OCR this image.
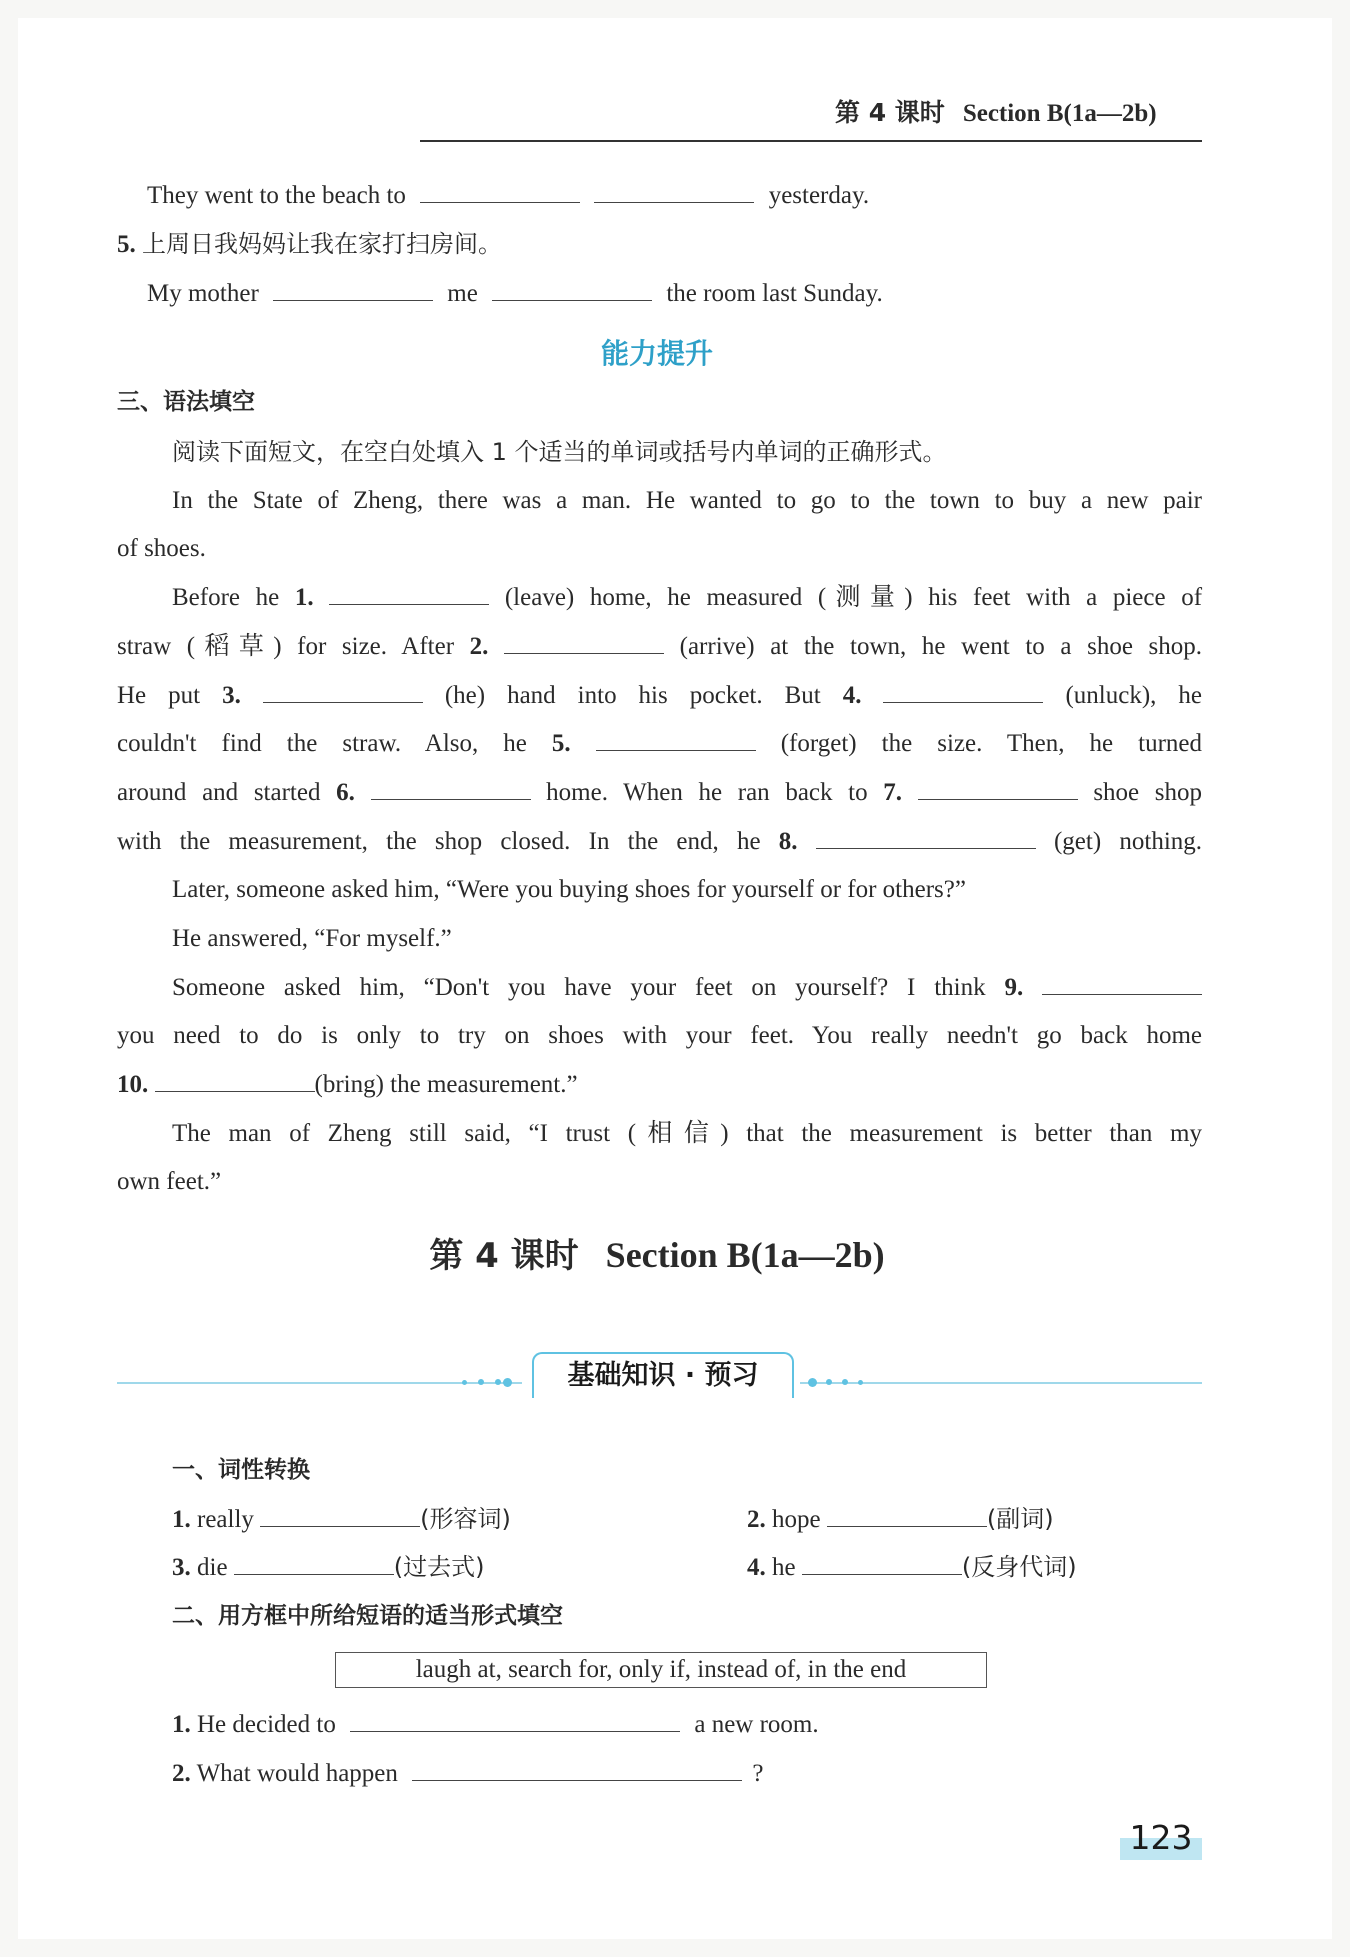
第 4 课时 Section B(1a—2b)
They went to the beach to	yesterday.
5. 上周日我妈妈让我在家打扫房间。
My mother	me	the room last Sunday.
能力提升
三、语法填空
阅读下面短文，在空白处填入 1 个适当的单词或括号内单词的正确形式。
In the State of Zheng, there was a man. He wanted to go to the town to buy a new pair
of shoes.
Before he 1.	(leave) home, he measured (测量) his feet with a piece of
straw (稻草) for size. After 2.	(arrive) at the town, he went to a shoe shop.
He put 3.	(he) hand into his pocket. But 4.	(unluck), he
couldn't find the straw. Also, he 5.	(forget) the size. Then, he turned
around and started 6.	home. When he ran back to 7.	shoe shop
with the measurement, the shop closed. In the end, he 8.	(get) nothing.
Later, someone asked him, “Were you buying shoes for yourself or for others?”
He answered, “For myself.”
Someone asked him, “Don't you have your feet on yourself? I think 9.
you need to do is only to try on shoes with your feet. You really needn't go back home
10.	(bring) the measurement.”
The man of Zheng still said, “I trust (相信) that the measurement is better than my
own feet.”
第 4 课时 Section B(1a—2b)
基础知识 · 预习
一、词性转换
1. really	(形容词)	2. hope	(副词)
3. die	(过去式)	4. he	(反身代词)
二、用方框中所给短语的适当形式填空
laugh at, search for, only if, instead of, in the end
1. He decided to	a new room.
2. What would happen	?
123
